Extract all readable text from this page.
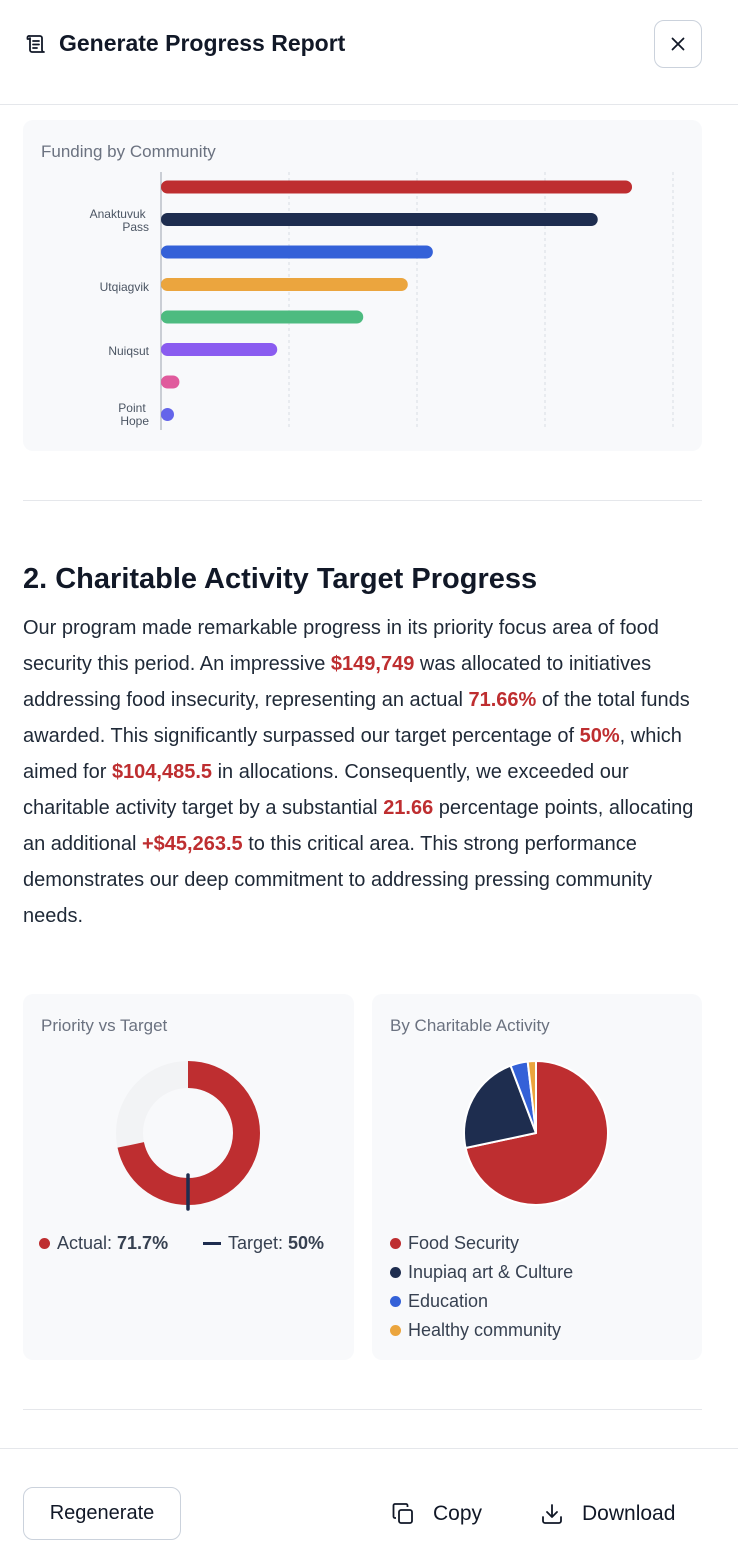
Generate Progress Report
Funding by Community
Anaktuvuk Pass
Utqiagvik
Nuiqsut
Point Hope
2. Charitable Activity Target Progress

Our program made remarkable progress in its priority focus area of food security this period. An impressive $149,749 was allocated to initiatives addressing food insecurity, representing an actual 71.66% of the total funds awarded. This significantly surpassed our target percentage of 50%, which aimed for $104,485.5 in allocations. Consequently, we exceeded our charitable activity target by a substantial 21.66 percentage points, allocating an additional +$45,263.5 to this critical area. This strong performance demonstrates our deep commitment to addressing pressing community needs.

Priority vs Target
Actual: 71.7%	Target: 50%
By Charitable Activity
Food Security
Inupiaq art & Culture
Education
Healthy community
Regenerate	Copy	Download
